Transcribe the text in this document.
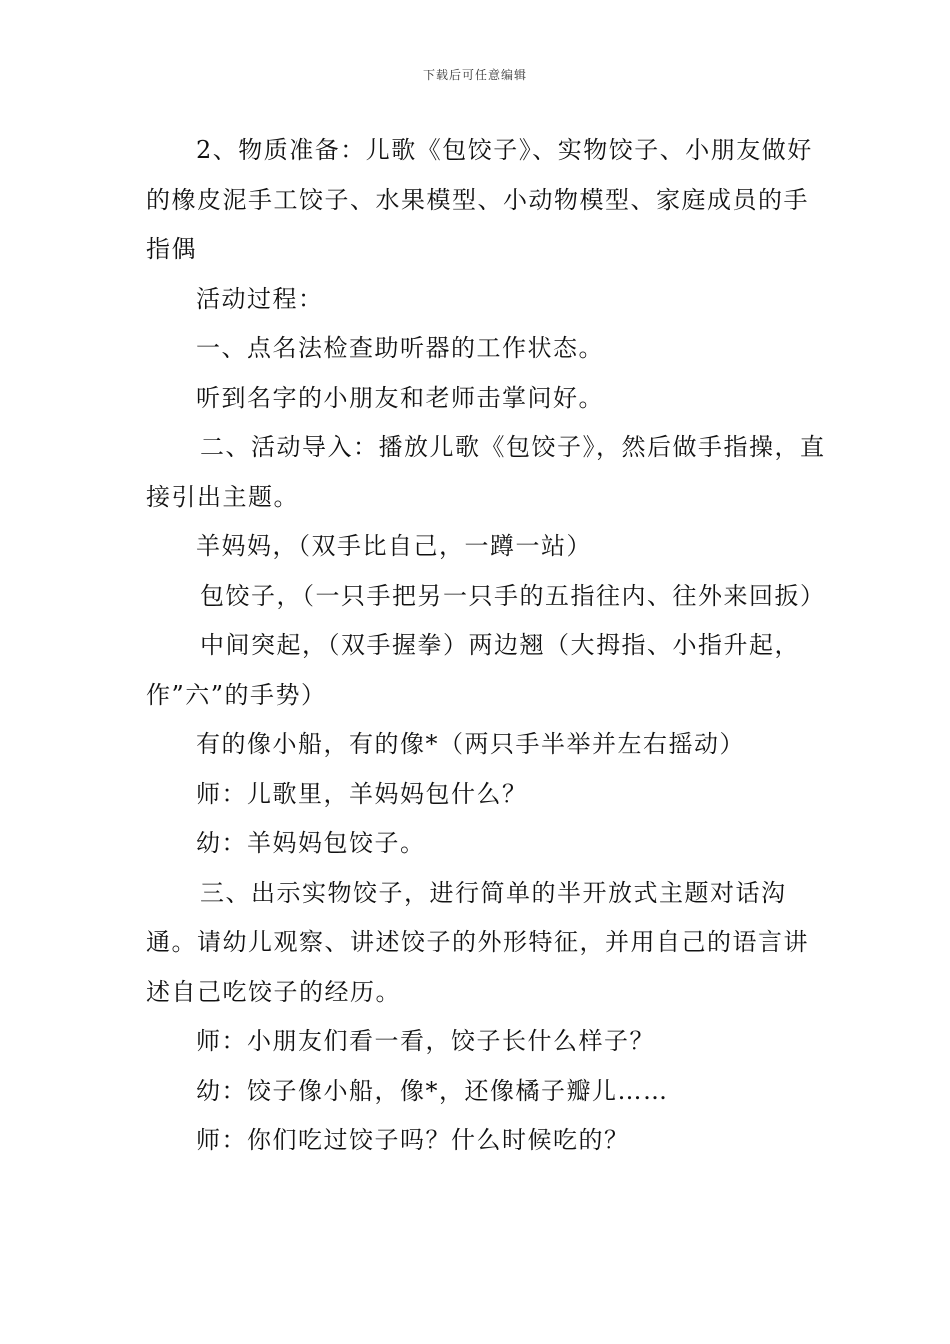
下载后可任意编辑

2、物质准备：儿歌《包饺子》、实物饺子、小朋友做好的橡皮泥手工饺子、水果模型、小动物模型、家庭成员的手指偶

活动过程：

一、点名法检查助听器的工作状态。

听到名字的小朋友和老师击掌问好。

二、活动导入：播放儿歌《包饺子》，然后做手指操，直接引出主题。

羊妈妈，（双手比自己，一蹲一站）

包饺子，（一只手把另一只手的五指往内、往外来回扳）

中间突起，（双手握拳）两边翘（大拇指、小指升起，作”六”的手势）

有的像小船，有的像*（两只手半举并左右摇动）

师：儿歌里，羊妈妈包什么？

幼：羊妈妈包饺子。

三、出示实物饺子，进行简单的半开放式主题对话沟通。请幼儿观察、讲述饺子的外形特征，并用自己的语言讲述自己吃饺子的经历。

师：小朋友们看一看，饺子长什么样子？

幼：饺子像小船，像*，还像橘子瓣儿……

师：你们吃过饺子吗？什么时候吃的？
